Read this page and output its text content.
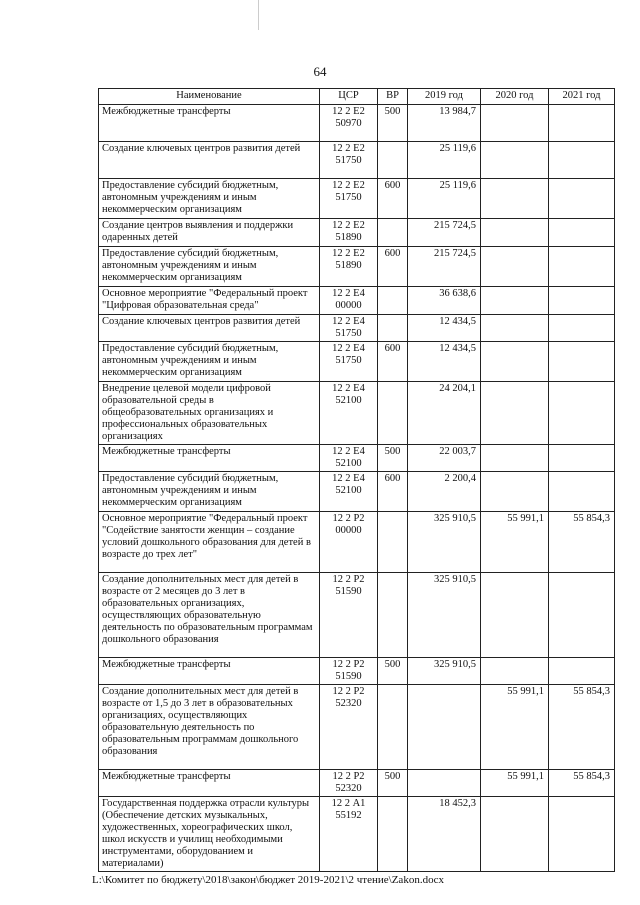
64
Наименование	ЦСР	ВР	2019 год	2020 год	2021 год
Межбюджетные трансферты	12 2 Е2 50970	500	13 984,7		
Создание ключевых центров развития детей	12 2 Е2 51750		25 119,6		
Предоставление субсидий бюджетным, автономным учреждениям и иным некоммерческим организациям	12 2 Е2 51750	600	25 119,6		
Создание центров выявления и поддержки одаренных детей	12 2 Е2 51890		215 724,5		
Предоставление субсидий бюджетным, автономным учреждениям и иным некоммерческим организациям	12 2 Е2 51890	600	215 724,5		
Основное мероприятие "Федеральный проект "Цифровая образовательная среда"	12 2 Е4 00000		36 638,6		
Создание ключевых центров развития детей	12 2 Е4 51750		12 434,5		
Предоставление субсидий бюджетным, автономным учреждениям и иным некоммерческим организациям	12 2 Е4 51750	600	12 434,5		
Внедрение целевой модели цифровой образовательной среды в общеобразовательных организациях и профессиональных образовательных организациях	12 2 Е4 52100		24 204,1		
Межбюджетные трансферты	12 2 Е4 52100	500	22 003,7		
Предоставление субсидий бюджетным, автономным учреждениям и иным некоммерческим организациям	12 2 Е4 52100	600	2 200,4		
Основное мероприятие "Федеральный проект "Содействие занятости женщин – создание условий дошкольного образования для детей в возрасте до трех лет"	12 2 Р2 00000		325 910,5	55 991,1	55 854,3
Создание дополнительных мест для детей в возрасте от 2 месяцев до 3 лет в образовательных организациях, осуществляющих образовательную деятельность по образовательным программам дошкольного образования	12 2 Р2 51590		325 910,5		
Межбюджетные трансферты	12 2 Р2 51590	500	325 910,5		
Создание дополнительных мест для детей в возрасте от 1,5 до 3 лет в образовательных организациях, осуществляющих образовательную деятельность по образовательным программам дошкольного образования	12 2 Р2 52320			55 991,1	55 854,3
Межбюджетные трансферты	12 2 Р2 52320	500		55 991,1	55 854,3
Государственная поддержка отрасли культуры (Обеспечение детских музыкальных, художественных, хореографических школ, школ искусств и училищ необходимыми инструментами, оборудованием и материалами)	12 2 А1 55192		18 452,3		
L:\Комитет по бюджету\2018\закон\бюджет 2019-2021\2 чтение\Zakon.docx
